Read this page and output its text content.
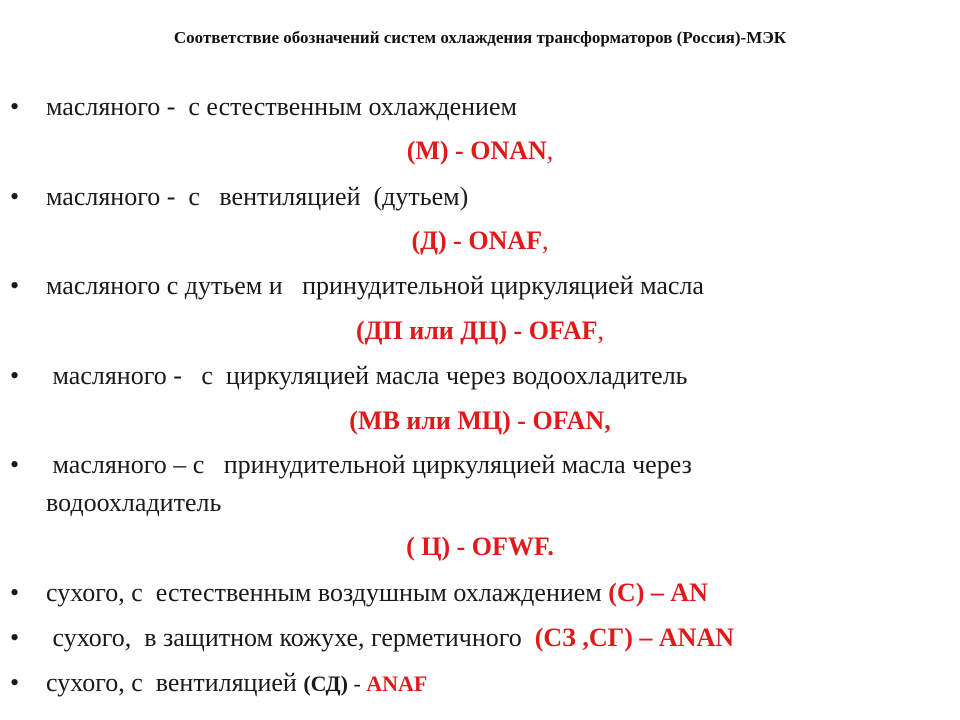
Соответствие обозначений систем охлаждения трансформаторов (Россия)-МЭК
• масляного -  с естественным охлаждением
(М) - ONAN,
• масляного -  с   вентиляцией  (дутьем)
(Д) - ONAF,
• масляного с дутьем и   принудительной циркуляцией масла
(ДП или ДЦ) - OFAF,
• масляного -   с  циркуляцией масла через водоохладитель
(МВ или МЦ) - OFAN,
• масляного – с   принудительной циркуляцией масла через
водоохладитель
( Ц) - OFWF.
• сухого, с  естественным воздушным охлаждением (С) – AN
• сухого,  в защитном кожухе, герметичного  (СЗ ,СГ) – ANAN
• сухого, с  вентиляцией (СД) - ANAF
